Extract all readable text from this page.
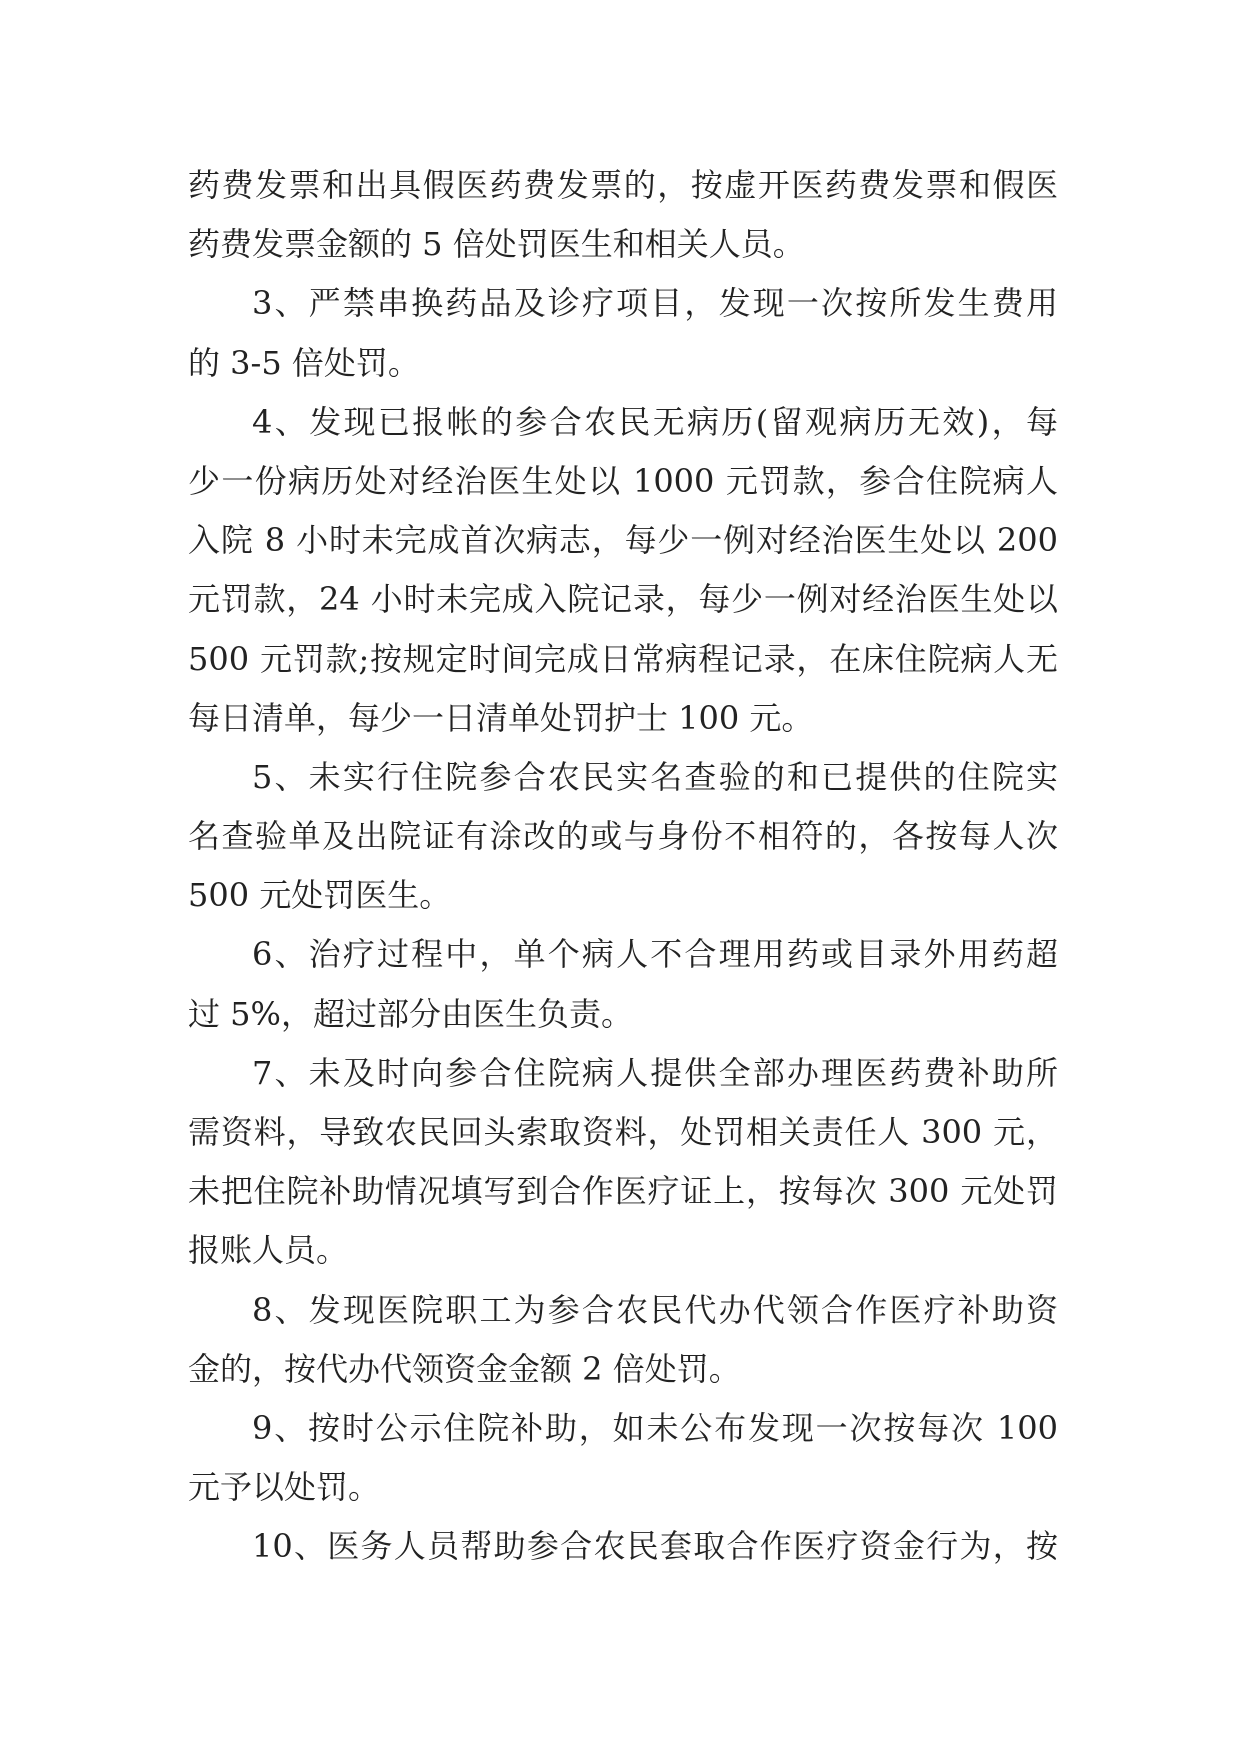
药费发票和出具假医药费发票的，按虚开医药费发票和假医
药费发票金额的 5 倍处罚医生和相关人员。
3、严禁串换药品及诊疗项目，发现一次按所发生费用
的 3-5 倍处罚。
4、发现已报帐的参合农民无病历(留观病历无效)，每
少一份病历处对经治医生处以 1000 元罚款，参合住院病人
入院 8 小时未完成首次病志，每少一例对经治医生处以 200
元罚款，24 小时未完成入院记录，每少一例对经治医生处以
500 元罚款;按规定时间完成日常病程记录，在床住院病人无
每日清单，每少一日清单处罚护士 100 元。
5、未实行住院参合农民实名查验的和已提供的住院实
名查验单及出院证有涂改的或与身份不相符的，各按每人次
500 元处罚医生。
6、治疗过程中，单个病人不合理用药或目录外用药超
过 5%，超过部分由医生负责。
7、未及时向参合住院病人提供全部办理医药费补助所
需资料，导致农民回头索取资料，处罚相关责任人 300 元，
未把住院补助情况填写到合作医疗证上，按每次 300 元处罚
报账人员。
8、发现医院职工为参合农民代办代领合作医疗补助资
金的，按代办代领资金金额 2 倍处罚。
9、按时公示住院补助，如未公布发现一次按每次 100
元予以处罚。
10、医务人员帮助参合农民套取合作医疗资金行为，按
